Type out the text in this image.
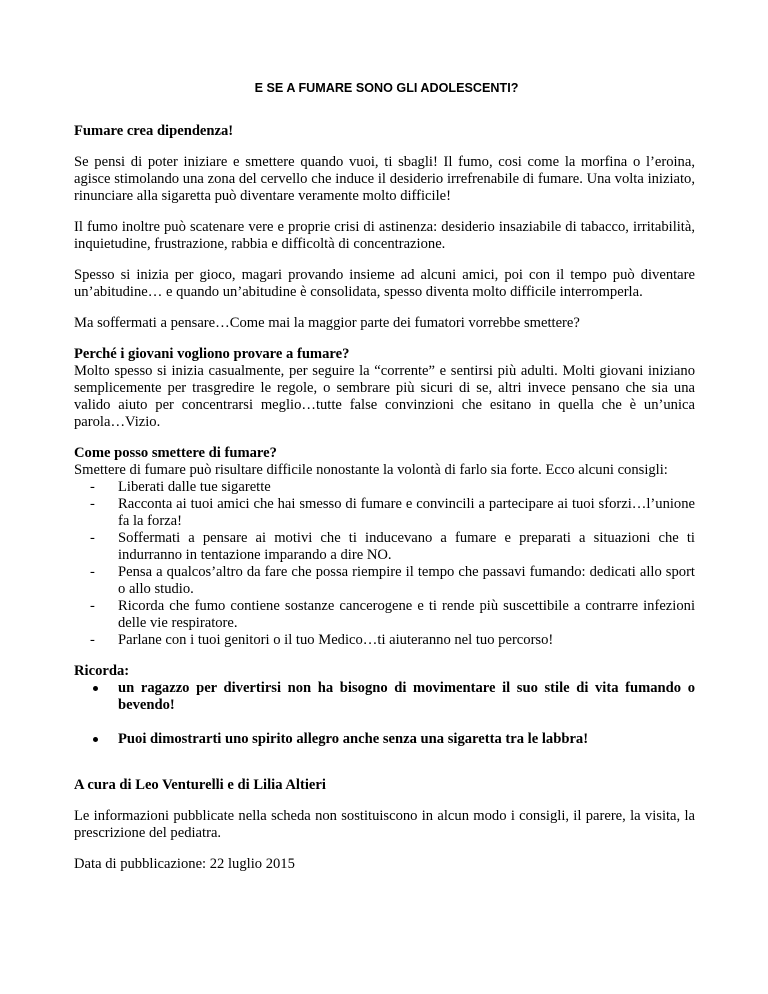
E SE A FUMARE SONO GLI ADOLESCENTI?
Fumare crea dipendenza!

Se pensi di poter iniziare e smettere quando vuoi, ti sbagli! Il fumo, cosi come la morfina o l’eroina, agisce stimolando una zona del cervello che induce il desiderio irrefrenabile di fumare. Una volta iniziato, rinunciare alla sigaretta può diventare veramente molto difficile!

Il fumo inoltre può scatenare vere e proprie crisi di astinenza: desiderio insaziabile di tabacco, irritabilità, inquietudine, frustrazione, rabbia e difficoltà di concentrazione.

Spesso si inizia per gioco, magari provando insieme ad alcuni amici, poi con il tempo può diventare un’abitudine… e quando un’abitudine è consolidata, spesso diventa molto difficile interromperla.

Ma soffermati a pensare…Come mai la maggior parte dei fumatori vorrebbe smettere?

Perché i giovani vogliono provare a fumare?

Molto spesso si inizia casualmente, per seguire la “corrente” e sentirsi più adulti. Molti giovani iniziano semplicemente per trasgredire le regole, o sembrare più sicuri di se, altri invece pensano che sia una valido aiuto per concentrarsi meglio…tutte false convinzioni che esitano in quella che è un’unica parola…Vizio.

Come posso smettere di fumare?

Smettere di fumare può risultare difficile nonostante la volontà di farlo sia forte. Ecco alcuni consigli:

- Liberati dalle tue sigarette
- Racconta ai tuoi amici che hai smesso di fumare e convincili a partecipare ai tuoi sforzi…l’unione fa la forza!
- Soffermati a pensare ai motivi che ti inducevano a fumare e preparati a situazioni che ti indurranno in tentazione imparando a dire NO.
- Pensa a qualcos’altro da fare che possa riempire il tempo che passavi fumando: dedicati allo sport o allo studio.
- Ricorda che fumo contiene sostanze cancerogene e ti rende più suscettibile a contrarre infezioni delle vie respiratore.
- Parlane con i tuoi genitori o il tuo Medico…ti aiuteranno nel tuo percorso!
Ricorda:
un ragazzo per divertirsi non ha bisogno di movimentare il suo stile di vita fumando o bevendo!
Puoi dimostrarti uno spirito allegro anche senza una sigaretta tra le labbra!

A cura di Leo Venturelli e di Lilia Altieri

Le informazioni pubblicate nella scheda non sostituiscono in alcun modo i consigli, il parere, la visita, la prescrizione del pediatra.

Data di pubblicazione: 22 luglio 2015
